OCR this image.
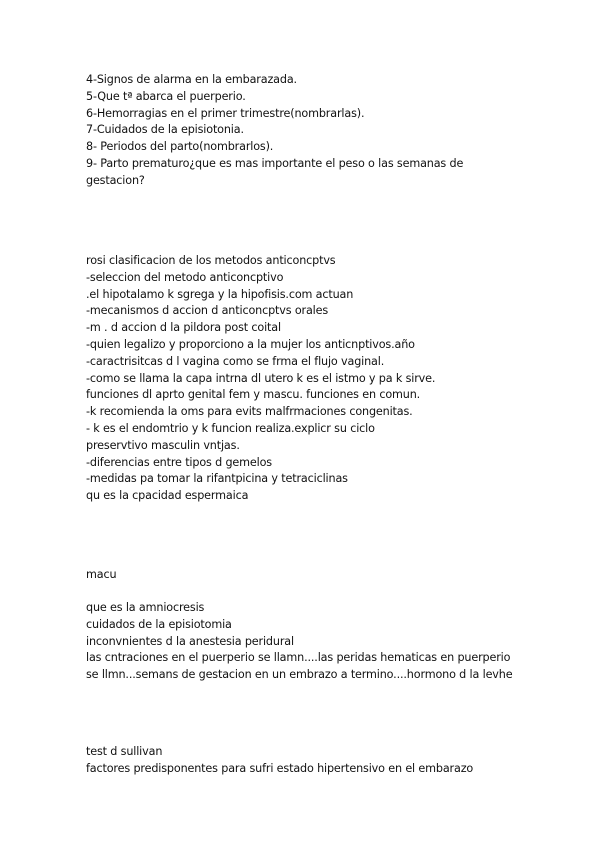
4-Signos de alarma en la embarazada.
5-Que tª abarca el puerperio.
6-Hemorragias en el primer trimestre(nombrarlas).
7-Cuidados de la episiotonia.
8- Periodos del parto(nombrarlos).
9- Parto prematuro¿que es mas importante el peso o las semanas de gestacion?
rosi clasificacion de los metodos anticoncptvs
-seleccion del metodo anticoncptivo
.el hipotalamo k sgrega y la hipofisis.com actuan
-mecanismos d accion d anticoncptvs orales
-m . d accion d la pildora post coital
-quien legalizo y proporciono a la mujer los anticnptivos.año
-caractrisitcas d l vagina como se frma el flujo vaginal.
-como se llama la capa intrna dl utero k es el istmo y pa k sirve.
funciones dl aprto genital fem y mascu. funciones en comun.
-k recomienda la oms para evits malfrmaciones congenitas.
- k es el endomtrio y k funcion realiza.explicr su ciclo
preservtivo masculin vntjas.
-diferencias entre tipos d gemelos
-medidas pa tomar la rifantpicina y tetraciclinas
qu es la cpacidad espermaica
macu
que es la amniocresis
cuidados de la episiotomia
inconvnientes d la anestesia peridural
las cntraciones en el puerperio se llamn....las peridas hematicas en puerperio
se llmn...semans de gestacion en un embrazo a termino....hormono d la levhe
test d sullivan
factores predisponentes para sufri estado hipertensivo en el embarazo
